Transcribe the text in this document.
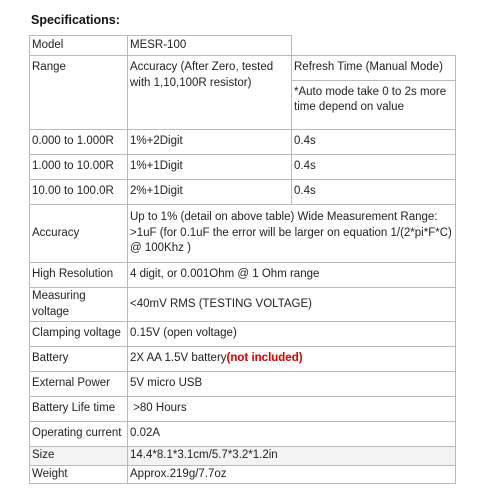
Specifications:
Model	MESR-100	
Range	Accuracy (After Zero, tested with 1,10,100R resistor)	Refresh Time (Manual Mode)
*Auto mode take 0 to 2s more time depend on value

0.000 to 1.000R	1%+2Digit	0.4s
1.000 to 10.00R	1%+1Digit	0.4s
10.00 to 100.0R	2%+1Digit	0.4s
Accuracy	Up to 1% (detail on above table) Wide Measurement Range: >1uF (for 0.1uF the error will be larger on equation 1/(2*pi*F*C) @ 100Khz )	
High Resolution	4 digit, or 0.001Ohm @ 1 Ohm range	
Measuring voltage	<40mV RMS (TESTING VOLTAGE)	
Clamping voltage	0.15V (open voltage)	
Battery	2X AA 1.5V battery(not included)	
External Power	5V micro USB	
Battery Life time	>80 Hours	
Operating current	0.02A	
Size	14.4*8.1*3.1cm/5.7*3.2*1.2in	
Weight	Approx.219g/7.7oz	
